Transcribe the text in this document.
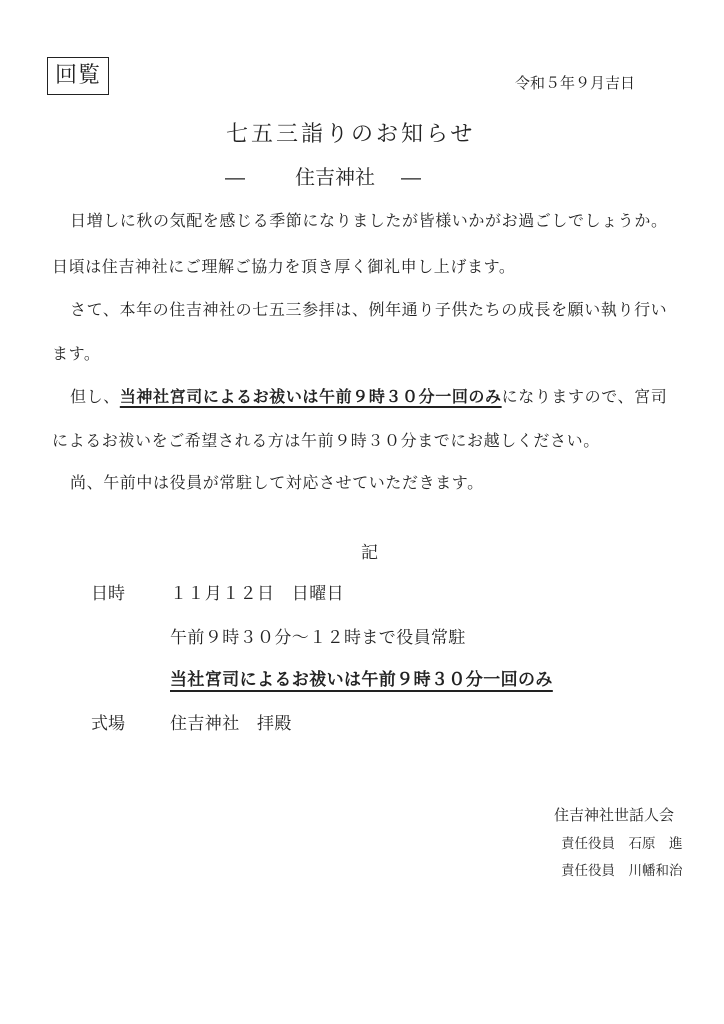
回覧	令和５年９月吉日
七五三詣りのお知らせ
―	住吉神社 ―
日増しに秋の気配を感じる季節になりましたが皆様いかがお過ごしでしょうか。
日頃は住吉神社にご理解ご協力を頂き厚く御礼申し上げます。
さて、本年の住吉神社の七五三参拝は、例年通り子供たちの成長を願い執り行い
ます。
但し、当神社宮司によるお祓いは午前９時３０分一回のみになりますので、宮司
によるお祓いをご希望される方は午前９時３０分までにお越しください。
尚、午前中は役員が常駐して対応させていただきます。
記
日時	１１月１２日　日曜日
午前９時３０分～１２時まで役員常駐
当社宮司によるお祓いは午前９時３０分一回のみ
式場	住吉神社　拝殿
住吉神社世話人会
責任役員　石原　進
責任役員　川幡和治
